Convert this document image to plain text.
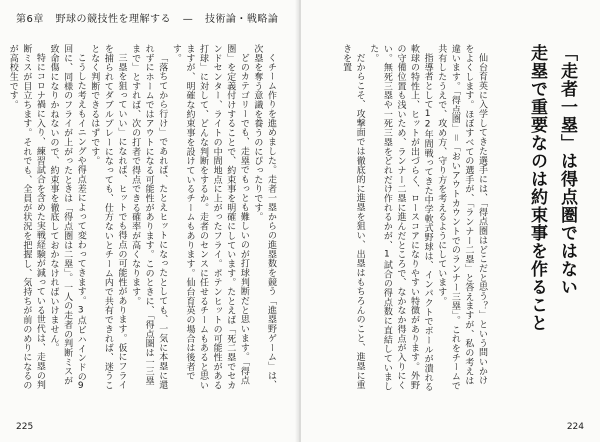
第6章 野球の競技性を理解する — 技術論・戦略論

くチーム作りを進めました。走者一塁からの進塁数を競う「進塁野ゲーム」は、次塁を奪う意識を養うのにぴったりです。

どのカテゴリーでも、走塁でもっとも難しいのが打球判断だと思います。「得点圏」を定義付けすることで、約束事を明確にしています。たとえば「死二塁でセカンドセンター、ライトの中間地点に上がったフライ。ポテンヒットの可能性がある打球」に対して、どんな判断をするか。走者のセンスに任せるチームもあると思いますが、明確な約束事を設けているチームもあります。仙台育英の場合は後者です。

「落ちてから行け」であれば、たとえヒットになったとしても、一気に本塁に還れずにホームではアウトになる可能性があります。このときに、「得点圏は一三塁まで」とすれば、次の打者で得点できる確率が高くなります。

三塁を狙っていい」になれば、ヒットでも得点の可能性があります。仮にフライを捕られてダブルプレーになっても、仕方ないとチーム内で共有できれば、迷うことなく判断できるはずです。

こうした考えもイニングや得点差によって変わってきます。3点ビハインドの9回に、同様のフライが上がったときは「得点圏は二塁」。一人の走者の判断ミスが致命傷になりかねないので、約束事を徹底しておかなければいけません。

特にコロナ禍に入り、練習試合を含めた実戦経験が減っている世代は、走塁の判断ミスが目立ちます。それでも、全員が状況を把握し、気持ちが前のめりになるのが高校生です。

225

仙台育英に入学してきた選手には、「得点圏はどこだと思う？」という問いかけをよくします。ほぼすべての選手が、「ランナー二塁」と答えますが、私の考えは違います。「得点圏」＝「おいアウトカウントでのランナー三塁」。これをチームで共有したうえで、攻め方、守り方を考えるようにしています。

指導者として12年間戦ってきた中学軟式野球は、インパクトでボールが潰れる軟球の特性上、ヒットが出づらく、ロースコアになりやすい特徴があります。外野の守備位置も浅いため、ランナー二塁に進んだところで、なかなか得点が入りにくい。無死三塁や一死三塁をどれだけ作れるかが、1試合の得点数に直結していました。

だからこそ、攻撃面では徹底的に進塁を狙い、出塁はもちろんのこと、進塁に重きを置	「走者一塁」は得点圏ではない
走塁で重要なのは約束事を作ること
224
